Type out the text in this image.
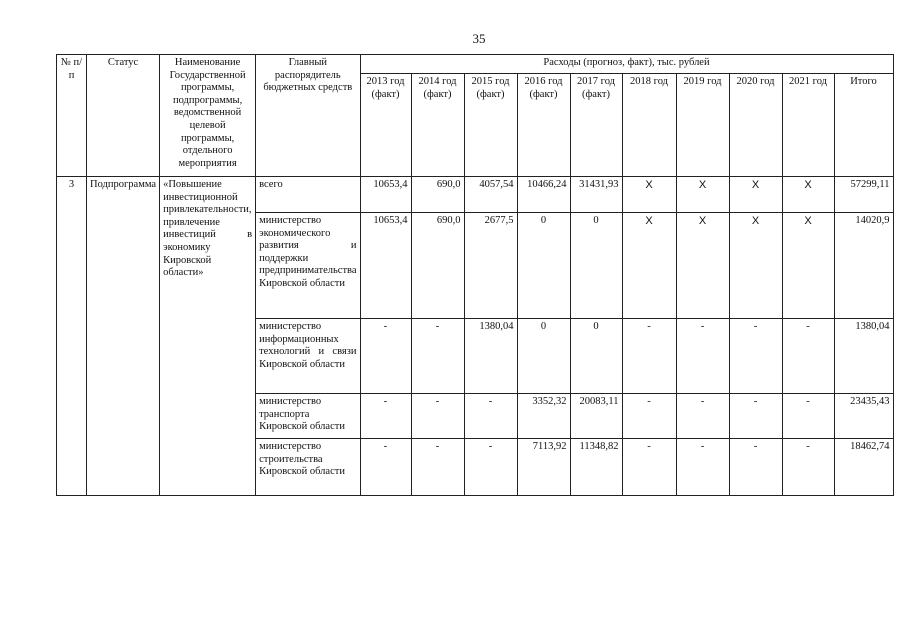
35
№ п/п	Статус	Наименование Государственной программы, подпрограммы, ведомственной целевой программы, отдельного мероприятия	Главный распорядитель бюджетных средств	Расходы (прогноз, факт), тыс. рублей									
				2013 год (факт)	2014 год (факт)	2015 год (факт)	2016 год (факт)	2017 год (факт)	2018 год	2019 год	2020 год	2021 год	Итого
3	Подпрограмма	«Повышение инвестиционной привлекательности, привлечение инвестиций в экономику Кировской области»	всего	10653,4	690,0	4057,54	10466,24	31431,93	X	X	X	X	57299,11
			министерство экономического развития и поддержки предпринимательства Кировской области	10653,4	690,0	2677,5	0	0	X	X	X	X	14020,9
			министерство информационных технологий и связи Кировской области	-	-	1380,04	0	0	-	-	-	-	1380,04
			министерство транспорта Кировской области	-	-	-	3352,32	20083,11	-	-	-	-	23435,43
			министерство строительства Кировской области	-	-	-	7113,92	11348,82	-	-	-	-	18462,74
